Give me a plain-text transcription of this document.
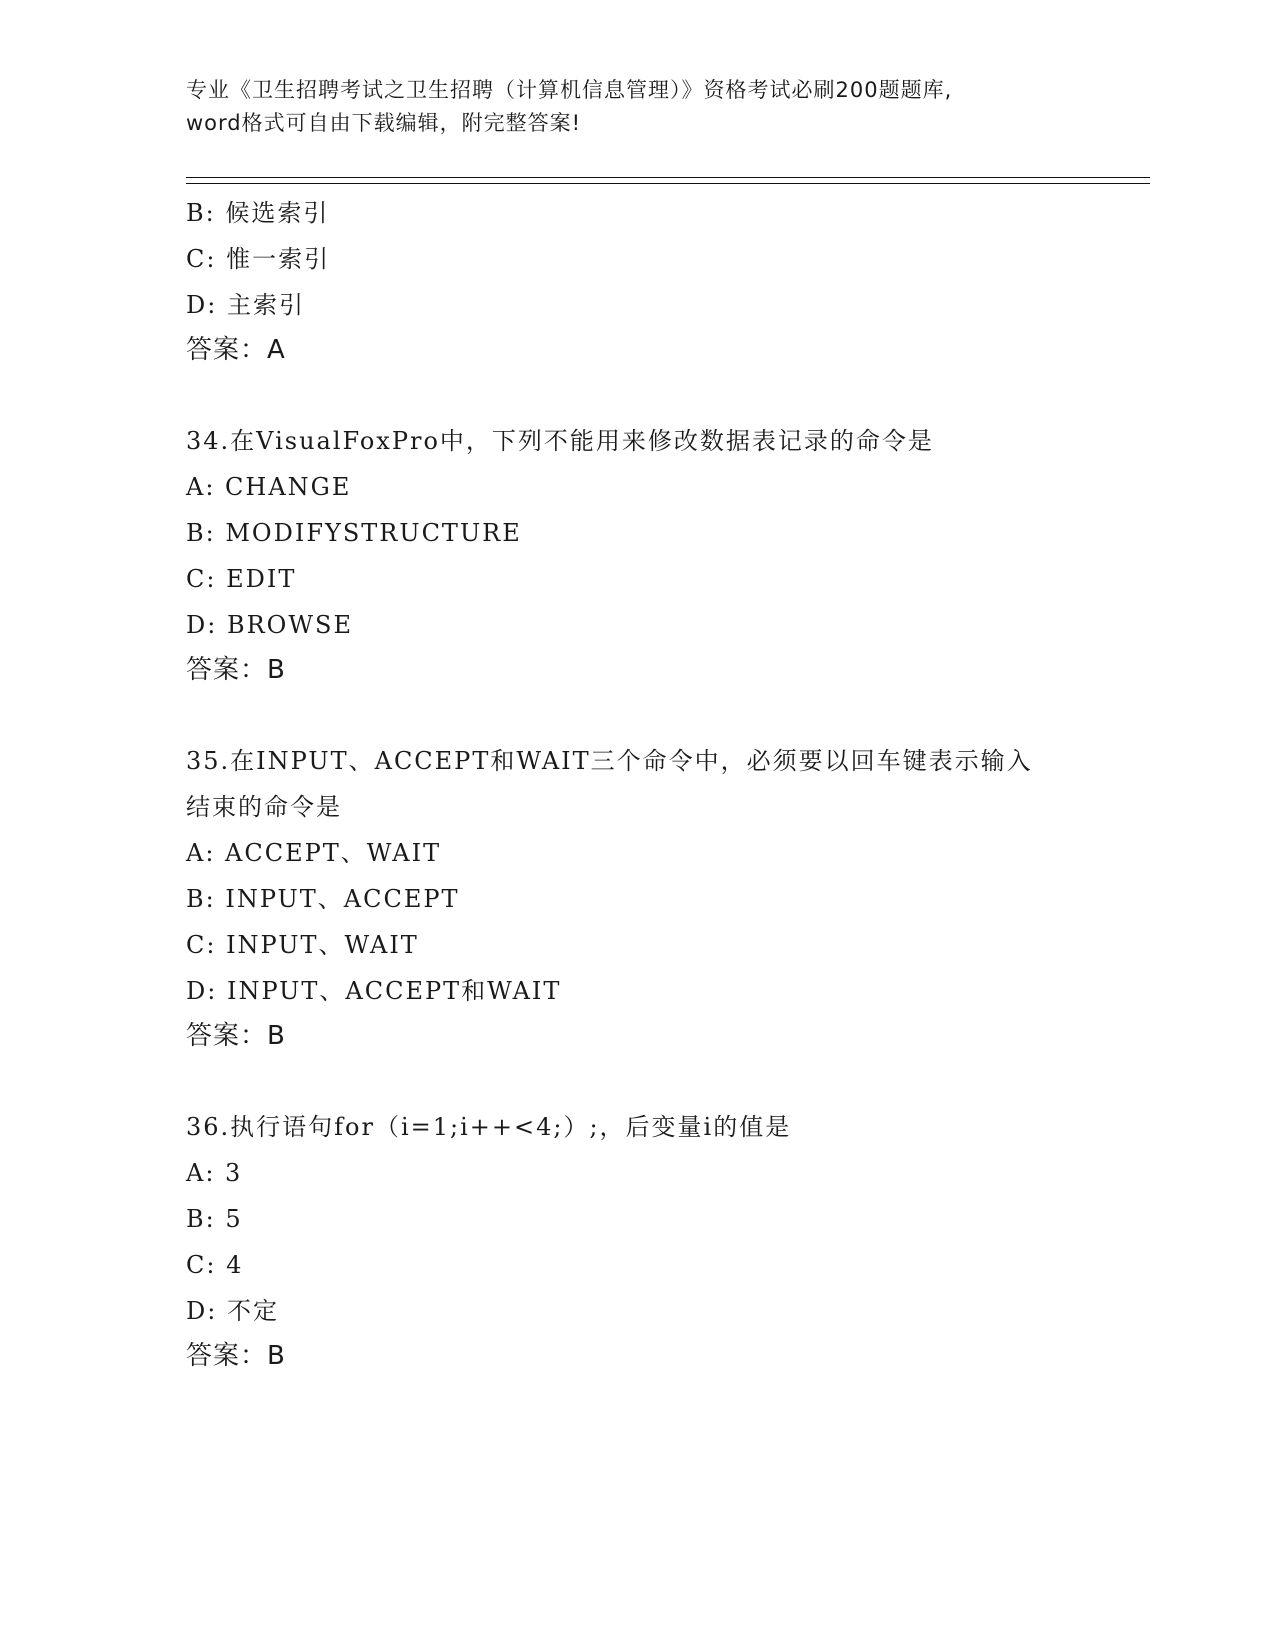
专业《卫生招聘考试之卫生招聘（计算机信息管理）》资格考试必刷200题题库,
word格式可自由下载编辑，附完整答案!
B: 候选索引
C: 惟一索引
D: 主索引
答案：A
34.在VisualFoxPro中，下列不能用来修改数据表记录的命令是
A: CHANGE
B: MODIFYSTRUCTURE
C: EDIT
D: BROWSE
答案：B
35.在INPUT、ACCEPT和WAIT三个命令中，必须要以回车键表示输入
结束的命令是
A: ACCEPT、WAIT
B: INPUT、ACCEPT
C: INPUT、WAIT
D: INPUT、ACCEPT和WAIT
答案：B
36.执行语句for（i=1;i++<4;）;，后变量i的值是
A: 3
B: 5
C: 4
D: 不定
答案：B
